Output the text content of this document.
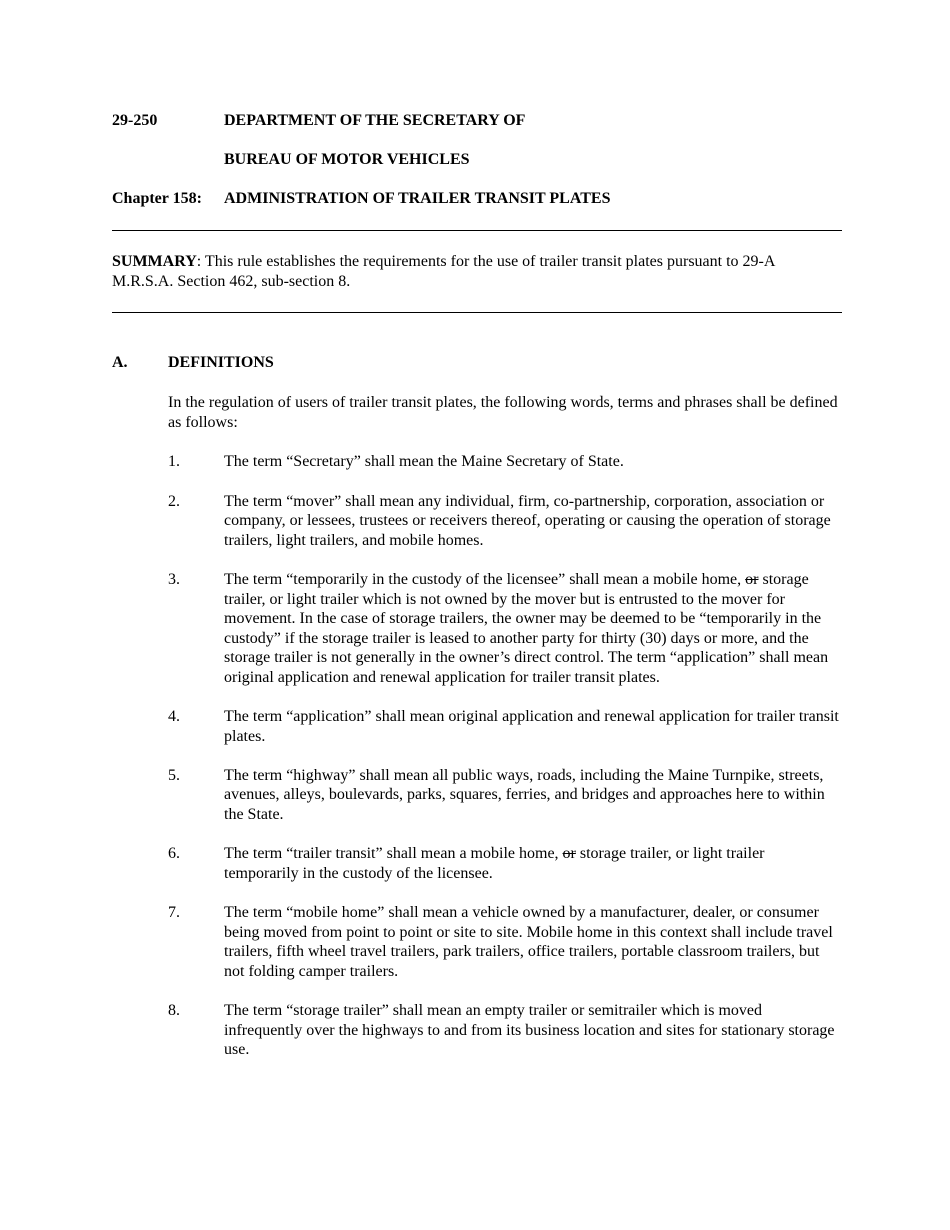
29-250	DEPARTMENT OF THE SECRETARY OF
BUREAU OF MOTOR VEHICLES
Chapter 158:	ADMINISTRATION OF TRAILER TRANSIT PLATES
SUMMARY: This rule establishes the requirements for the use of trailer transit plates pursuant to 29-A M.R.S.A. Section 462, sub-section 8.
A.	DEFINITIONS
In the regulation of users of trailer transit plates, the following words, terms and phrases shall be defined as follows:
1.	The term “Secretary” shall mean the Maine Secretary of State.
2.	The term “mover” shall mean any individual, firm, co-partnership, corporation, association or company, or lessees, trustees or receivers thereof, operating or causing the operation of storage trailers, light trailers, and mobile homes.
3.	The term “temporarily in the custody of the licensee” shall mean a mobile home, or storage trailer, or light trailer which is not owned by the mover but is entrusted to the mover for movement. In the case of storage trailers, the owner may be deemed to be “temporarily in the custody” if the storage trailer is leased to another party for thirty (30) days or more, and the storage trailer is not generally in the owner’s direct control. The term “application” shall mean original application and renewal application for trailer transit plates.
4.	The term “application” shall mean original application and renewal application for trailer transit plates.
5.	The term “highway” shall mean all public ways, roads, including the Maine Turnpike, streets, avenues, alleys, boulevards, parks, squares, ferries, and bridges and approaches here to within the State.
6.	The term “trailer transit” shall mean a mobile home, or storage trailer, or light trailer temporarily in the custody of the licensee.
7.	The term “mobile home” shall mean a vehicle owned by a manufacturer, dealer, or consumer being moved from point to point or site to site. Mobile home in this context shall include travel trailers, fifth wheel travel trailers, park trailers, office trailers, portable classroom trailers, but not folding camper trailers.
8.	The term “storage trailer” shall mean an empty trailer or semitrailer which is moved infrequently over the highways to and from its business location and sites for stationary storage use.
